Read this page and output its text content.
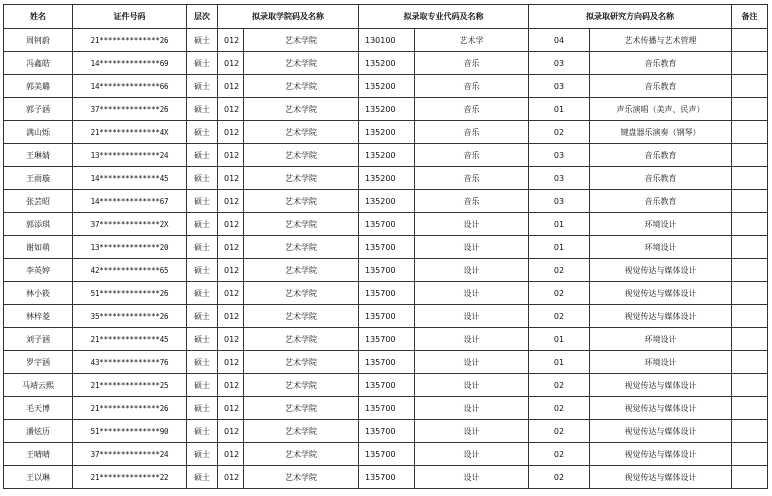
姓名	证件号码	层次	拟录取学院码及名称		拟录取专业代码及名称		拟录取研究方向码及名称		备注
周钶蔚	21**************26	硕士	012	艺术学院	130100	艺术学	04	艺术传播与艺术管理	
冯鑫皓	14**************69	硕士	012	艺术学院	135200	音乐	03	音乐教育	
郭美璐	14**************66	硕士	012	艺术学院	135200	音乐	03	音乐教育	
郭子涵	37**************26	硕士	012	艺术学院	135200	音乐	01	声乐演唱（美声、民声）	
满山烁	21**************4X	硕士	012	艺术学院	135200	音乐	02	键盘器乐演奏（钢琴）	
王琳婧	13**************24	硕士	012	艺术学院	135200	音乐	03	音乐教育	
王雨璇	14**************45	硕士	012	艺术学院	135200	音乐	03	音乐教育	
张芸昭	14**************67	硕士	012	艺术学院	135200	音乐	03	音乐教育	
郭添琪	37**************2X	硕士	012	艺术学院	135700	设计	01	环境设计	
谢如萌	13**************20	硕士	012	艺术学院	135700	设计	01	环境设计	
李英婷	42**************65	硕士	012	艺术学院	135700	设计	02	视觉传达与媒体设计	
林小筱	51**************26	硕士	012	艺术学院	135700	设计	02	视觉传达与媒体设计	
林梓菱	35**************26	硕士	012	艺术学院	135700	设计	02	视觉传达与媒体设计	
刘子涵	21**************45	硕士	012	艺术学院	135700	设计	01	环境设计	
罗宇涵	43**************76	硕士	012	艺术学院	135700	设计	01	环境设计	
马靖云熙	21**************25	硕士	012	艺术学院	135700	设计	02	视觉传达与媒体设计	
毛天博	21**************26	硕士	012	艺术学院	135700	设计	02	视觉传达与媒体设计	
潘炫历	51**************90	硕士	012	艺术学院	135700	设计	02	视觉传达与媒体设计	
王晴晴	37**************24	硕士	012	艺术学院	135700	设计	02	视觉传达与媒体设计	
王以琳	21**************22	硕士	012	艺术学院	135700	设计	02	视觉传达与媒体设计	
